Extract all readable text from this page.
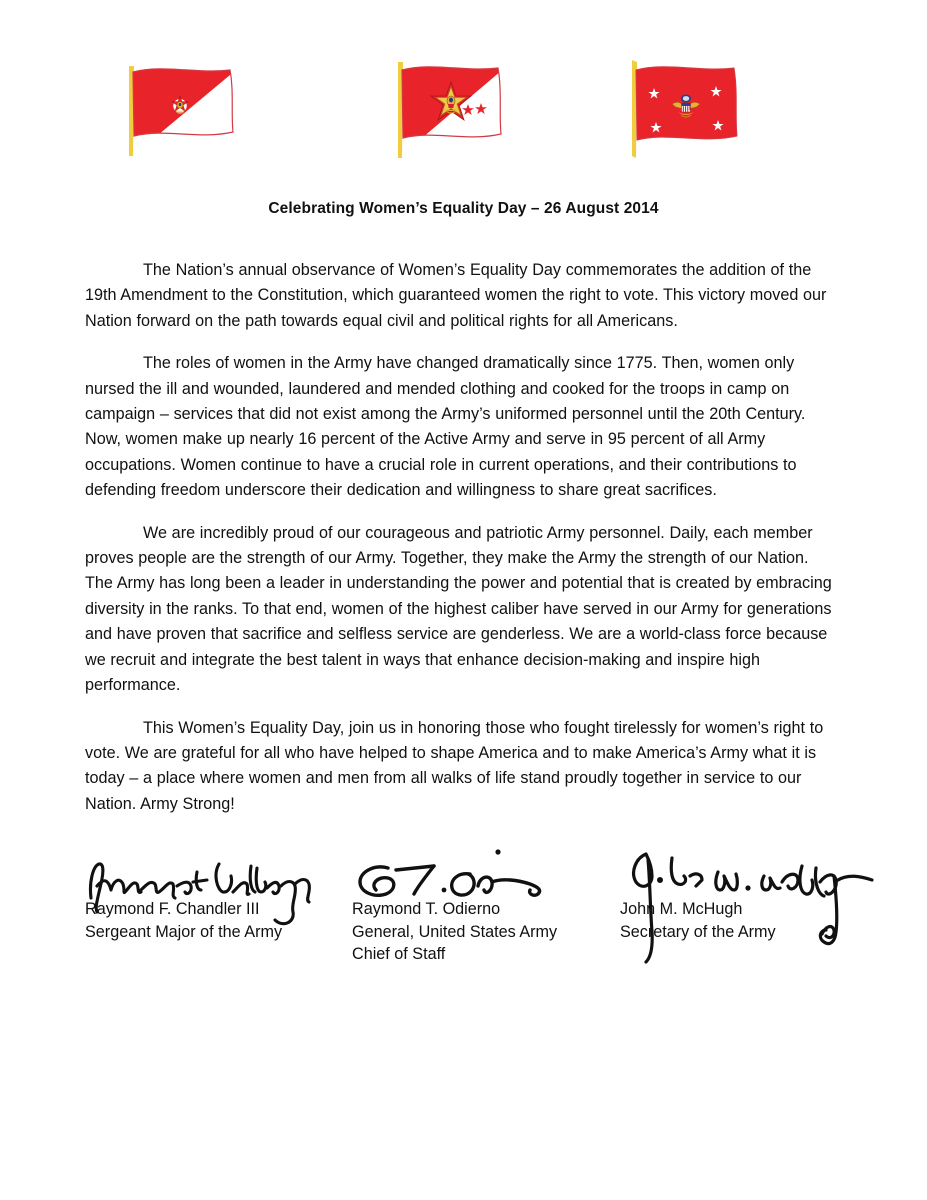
Celebrating Women’s Equality Day – 26 August 2014

The Nation’s annual observance of Women’s Equality Day commemorates the addition of the 19th Amendment to the Constitution, which guaranteed women the right to vote. This victory moved our Nation forward on the path towards equal civil and political rights for all Americans.

The roles of women in the Army have changed dramatically since 1775. Then, women only nursed the ill and wounded, laundered and mended clothing and cooked for the troops in camp on campaign – services that did not exist among the Army’s uniformed personnel until the 20th Century. Now, women make up nearly 16 percent of the Active Army and serve in 95 percent of all Army occupations. Women continue to have a crucial role in current operations, and their contributions to defending freedom underscore their dedication and willingness to share great sacrifices.

We are incredibly proud of our courageous and patriotic Army personnel. Daily, each member proves people are the strength of our Army. Together, they make the Army the strength of our Nation. The Army has long been a leader in understanding the power and potential that is created by embracing diversity in the ranks. To that end, women of the highest caliber have served in our Army for generations and have proven that sacrifice and selfless service are genderless. We are a world-class force because we recruit and integrate the best talent in ways that enhance decision-making and inspire high performance.

This Women’s Equality Day, join us in honoring those who fought tirelessly for women’s right to vote. We are grateful for all who have helped to shape America and to make America’s Army what it is today – a place where women and men from all walks of life stand proudly together in service to our Nation. Army Strong!

Raymond F. Chandler III
Sergeant Major of the Army
Raymond T. Odierno
General, United States Army
Chief of Staff
John M. McHugh
Secretary of the Army
